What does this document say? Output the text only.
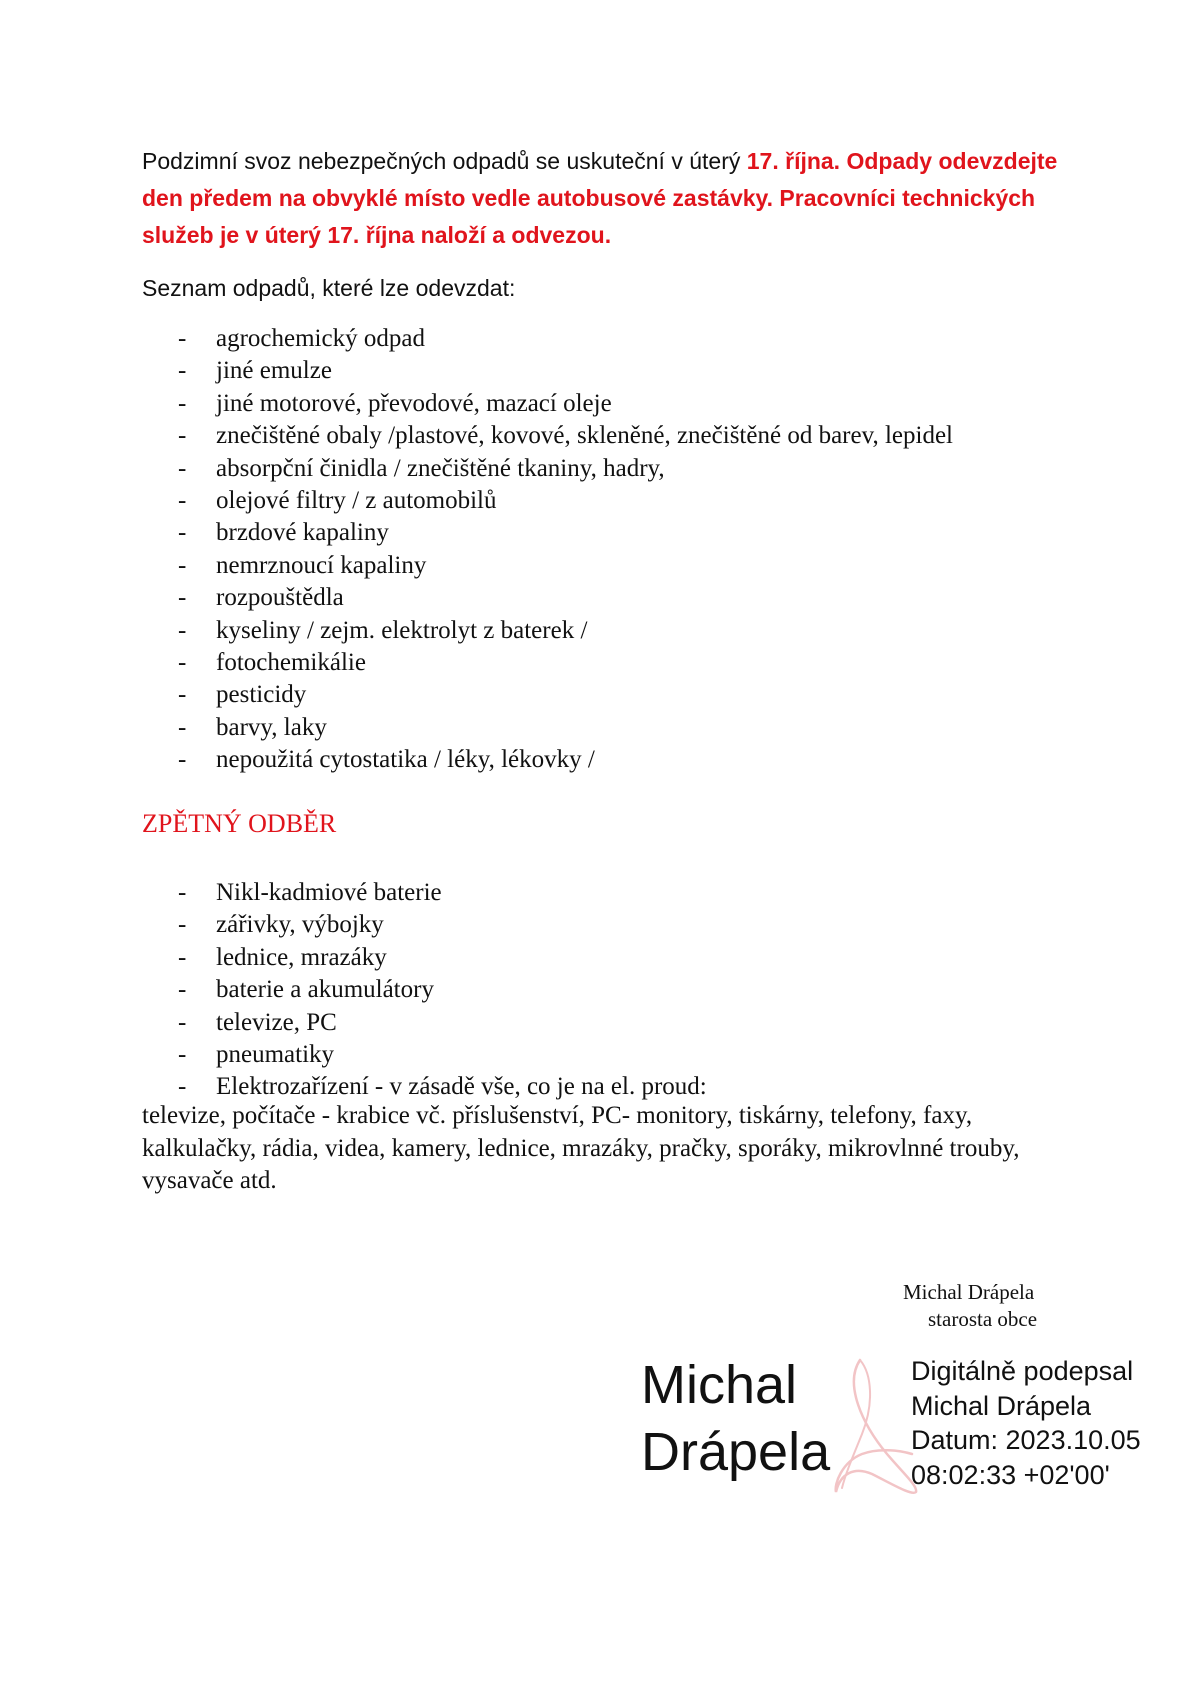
Podzimní svoz nebezpečných odpadů se uskuteční v úterý 17. října. Odpady odevzdejte den předem na obvyklé místo vedle autobusové zastávky. Pracovníci technických služeb je v úterý 17. října naloží a odvezou.

Seznam odpadů, které lze odevzdat:

- agrochemický odpad
- jiné emulze
- jiné motorové, převodové, mazací oleje
- znečištěné obaly /plastové, kovové, skleněné, znečištěné od barev, lepidel
- absorpční činidla / znečištěné tkaniny, hadry,
- olejové filtry / z automobilů
- brzdové kapaliny
- nemrznoucí kapaliny
- rozpouštědla
- kyseliny / zejm. elektrolyt z baterek /
- fotochemikálie
- pesticidy
- barvy, laky
- nepoužitá cytostatika / léky, lékovky /
ZPĚTNÝ ODBĚR
- Nikl-kadmiové baterie
- zářivky, výbojky
- lednice, mrazáky
- baterie a akumulátory
- televize, PC
- pneumatiky
- Elektrozařízení - v zásadě vše, co je na el. proud:

televize, počítače - krabice vč. příslušenství, PC- monitory, tiskárny, telefony, faxy, kalkulačky, rádia, videa, kamery, lednice, mrazáky, pračky, sporáky, mikrovlnné trouby, vysavače atd.

Michal Drápela

starosta obce

Michal
Drápela
Digitálně podepsal
Michal Drápela
Datum: 2023.10.05
08:02:33 +02'00'
